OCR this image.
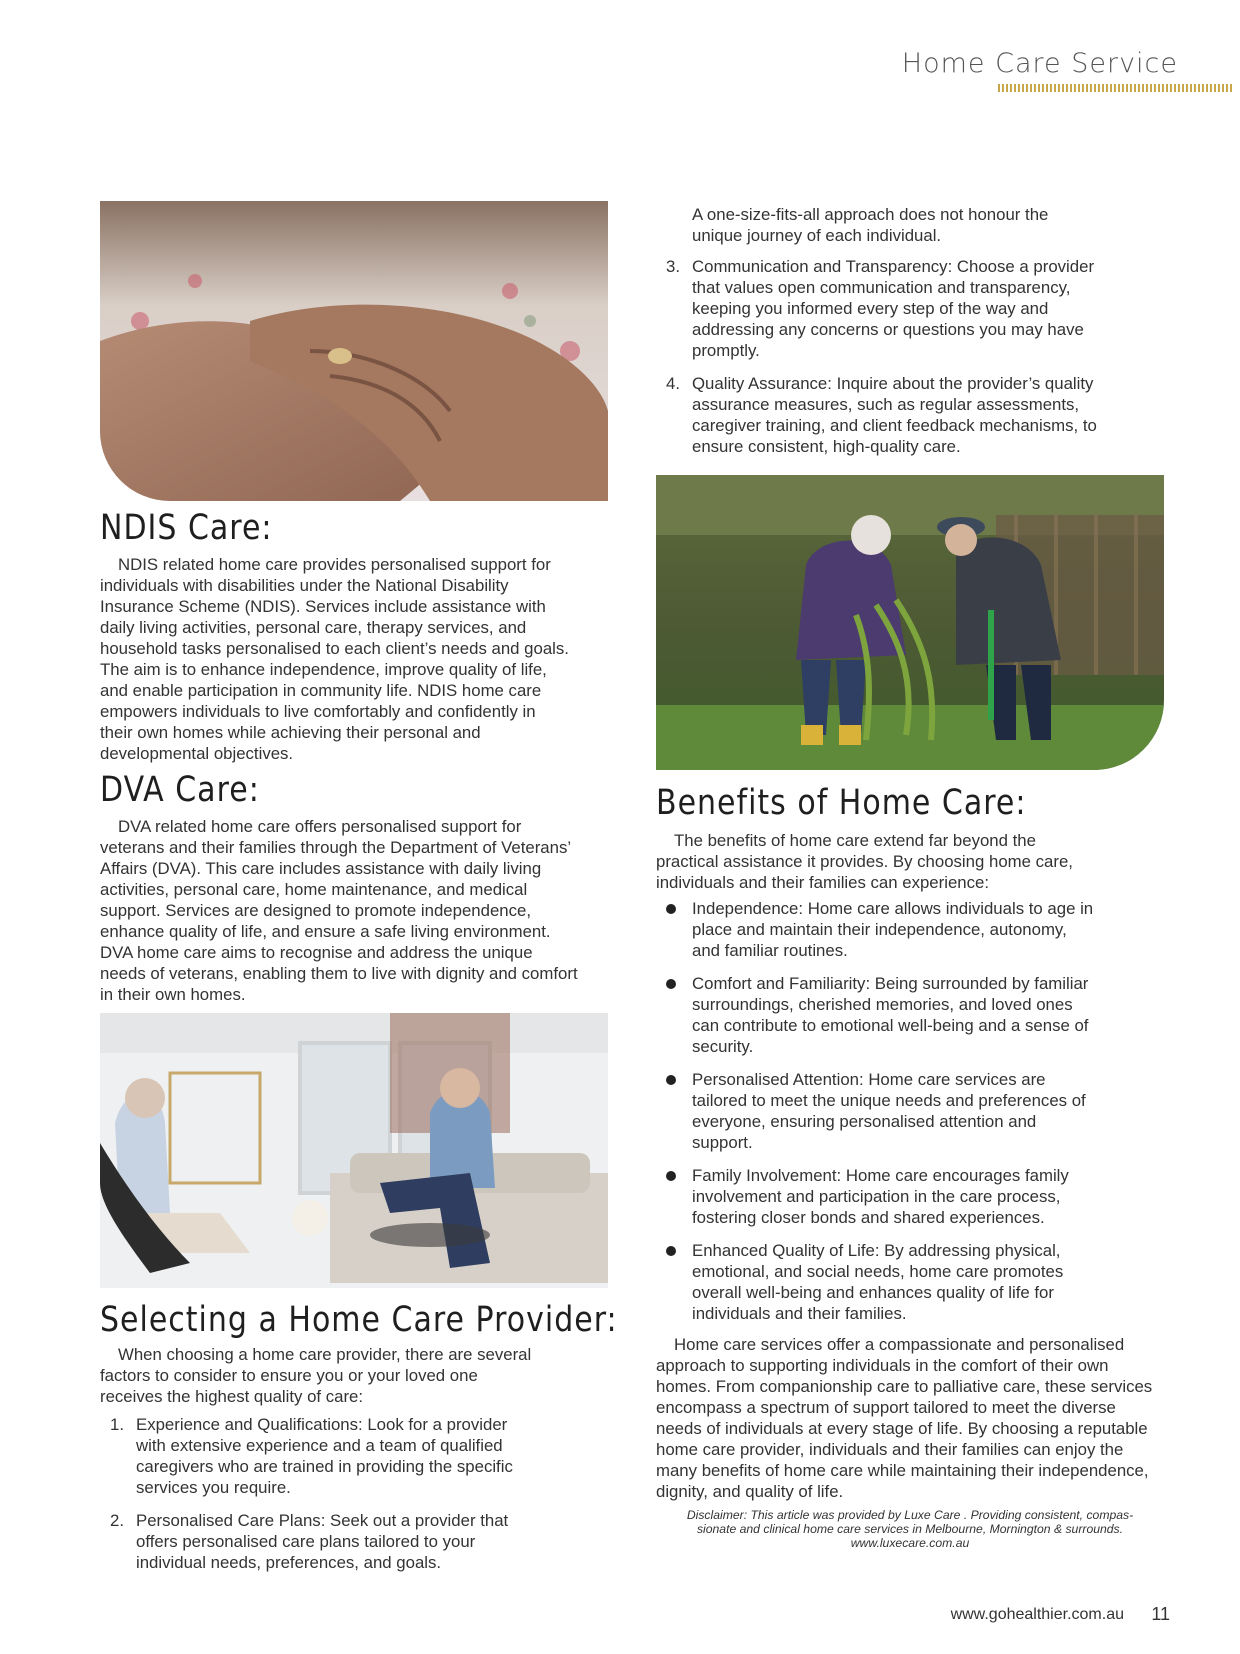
Home Care Service
NDIS Care:

NDIS related home care provides personalised support for individuals with disabilities under the National Disability Insurance Scheme (NDIS). Services include assistance with daily living activities, personal care, therapy services, and household tasks personalised to each client’s needs and goals. The aim is to enhance independence, improve quality of life, and enable participation in community life. NDIS home care empowers individuals to live comfortably and confidently in their own homes while achieving their personal and developmental objectives.

DVA Care:

DVA related home care offers personalised support for veterans and their families through the Department of Veterans’ Affairs (DVA). This care includes assistance with daily living activities, personal care, home maintenance, and medical support. Services are designed to promote independence, enhance quality of life, and ensure a safe living environment. DVA home care aims to recognise and address the unique needs of veterans, enabling them to live with dignity and comfort in their own homes.

Selecting a Home Care Provider:

When choosing a home care provider, there are several factors to consider to ensure you or your loved one receives the highest quality of care:

1. Experience and Qualifications: Look for a provider with extensive experience and a team of qualified caregivers who are trained in providing the specific services you require.
2. Personalised Care Plans: Seek out a provider that offers personalised care plans tailored to your individual needs, preferences, and goals.

A one-size-fits-all approach does not honour the unique journey of each individual.

3. Communication and Transparency: Choose a provider that values open communication and transparency, keeping you informed every step of the way and addressing any concerns or questions you may have promptly.
4. Quality Assurance: Inquire about the provider’s quality assurance measures, such as regular assessments, caregiver training, and client feedback mechanisms, to ensure consistent, high-quality care.
Benefits of Home Care:

The benefits of home care extend far beyond the practical assistance it provides. By choosing home care, individuals and their families can experience:

Independence: Home care allows individuals to age in place and maintain their independence, autonomy, and familiar routines.
Comfort and Familiarity: Being surrounded by familiar surroundings, cherished memories, and loved ones can contribute to emotional well-being and a sense of security.
Personalised Attention: Home care services are tailored to meet the unique needs and preferences of everyone, ensuring personalised attention and support.
Family Involvement: Home care encourages family involvement and participation in the care process, fostering closer bonds and shared experiences.
Enhanced Quality of Life: By addressing physical, emotional, and social needs, home care promotes overall well-being and enhances quality of life for individuals and their families.

Home care services offer a compassionate and personalised approach to supporting individuals in the comfort of their own homes. From companionship care to palliative care, these services encompass a spectrum of support tailored to meet the diverse needs of individuals at every stage of life. By choosing a reputable home care provider, individuals and their families can enjoy the many benefits of home care while maintaining their independence, dignity, and quality of life.

Disclaimer: This article was provided by Luxe Care . Providing consistent, compas-
sionate and clinical home care services in Melbourne, Mornington & surrounds.
www.luxecare.com.au
www.gohealthier.com.au 11
